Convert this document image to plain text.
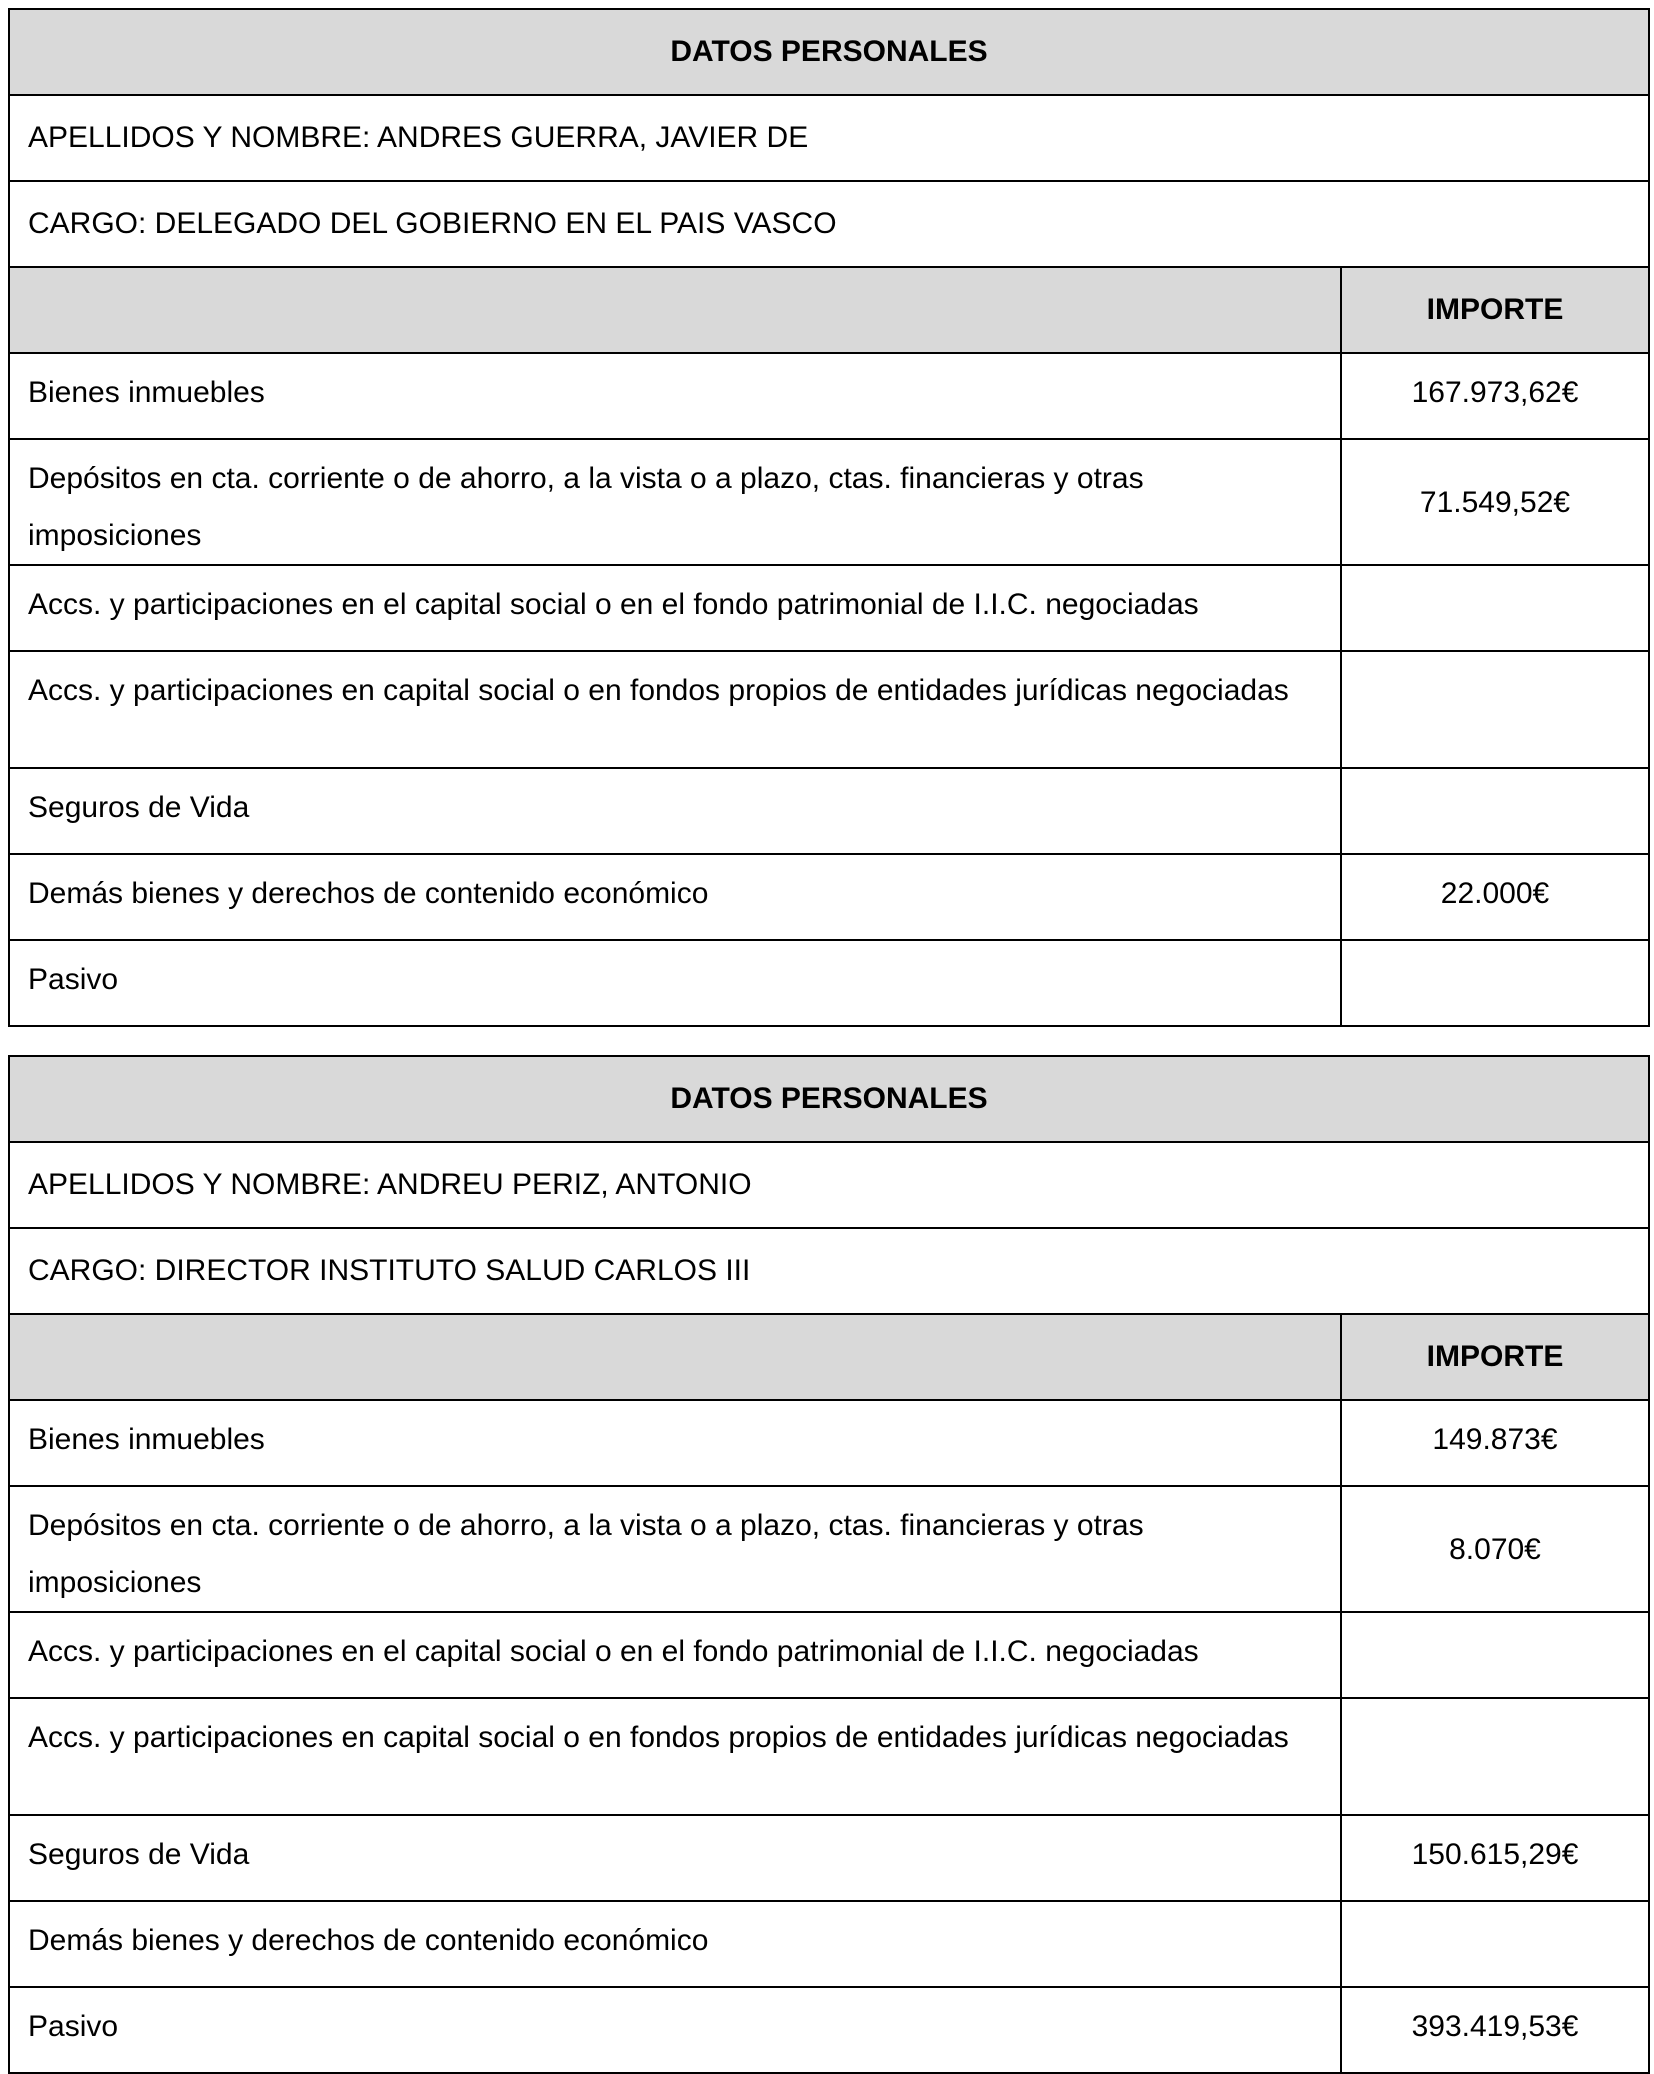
DATOS PERSONALES	
APELLIDOS Y NOMBRE: ANDRES GUERRA, JAVIER DE	
CARGO: DELEGADO DEL GOBIERNO EN EL PAIS VASCO	
	IMPORTE
Bienes inmuebles	167.973,62€
Depósitos en cta. corriente o de ahorro, a la vista o a plazo, ctas. financieras y otras imposiciones	71.549,52€
Accs. y participaciones en el capital social o en el fondo patrimonial de I.I.C. negociadas	
Accs. y participaciones en capital social o en fondos propios de entidades jurídicas negociadas	
Seguros de Vida	
Demás bienes y derechos de contenido económico	22.000€
Pasivo	
DATOS PERSONALES	
APELLIDOS Y NOMBRE: ANDREU PERIZ, ANTONIO	
CARGO: DIRECTOR INSTITUTO SALUD CARLOS III	
	IMPORTE
Bienes inmuebles	149.873€
Depósitos en cta. corriente o de ahorro, a la vista o a plazo, ctas. financieras y otras imposiciones	8.070€
Accs. y participaciones en el capital social o en el fondo patrimonial de I.I.C. negociadas	
Accs. y participaciones en capital social o en fondos propios de entidades jurídicas negociadas	
Seguros de Vida	150.615,29€
Demás bienes y derechos de contenido económico	
Pasivo	393.419,53€
